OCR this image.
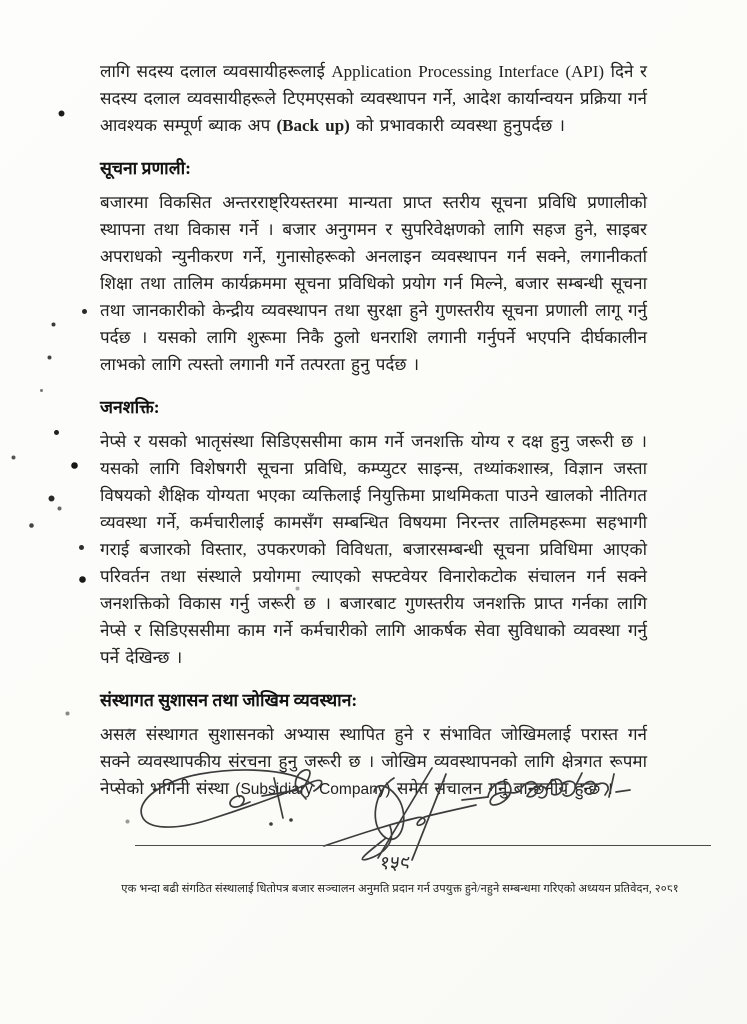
लागि सदस्य दलाल व्यवसायीहरूलाई Application Processing Interface (API) दिने र सदस्य दलाल व्यवसायीहरूले टिएमएसको व्यवस्थापन गर्ने, आदेश कार्यान्वयन प्रक्रिया गर्न आवश्यक सम्पूर्ण ब्याक अप (Back up) को प्रभावकारी व्यवस्था हुनुपर्दछ ।

सूचना प्रणाली:

बजारमा विकसित अन्तरराष्ट्रियस्तरमा मान्यता प्राप्त स्तरीय सूचना प्रविधि प्रणालीको स्थापना तथा विकास गर्ने । बजार अनुगमन र सुपरिवेक्षणको लागि सहज हुने, साइबर अपराधको न्युनीकरण गर्ने, गुनासोहरूको अनलाइन व्यवस्थापन गर्न सक्ने, लगानीकर्ता शिक्षा तथा तालिम कार्यक्रममा सूचना प्रविधिको प्रयोग गर्न मिल्ने, बजार सम्बन्धी सूचना तथा जानकारीको केन्द्रीय व्यवस्थापन तथा सुरक्षा हुने गुणस्तरीय सूचना प्रणाली लागू गर्नु पर्दछ । यसको लागि शुरूमा निकै ठुलो धनराशि लगानी गर्नुपर्ने भएपनि दीर्घकालीन लाभको लागि त्यस्तो लगानी गर्ने तत्परता हुनु पर्दछ ।

जनशक्ति:

नेप्से र यसको भातृसंस्था सिडिएससीमा काम गर्ने जनशक्ति योग्य र दक्ष हुनु जरूरी छ । यसको लागि विशेषगरी सूचना प्रविधि, कम्प्युटर साइन्स, तथ्यांकशास्त्र, विज्ञान जस्ता विषयको शैक्षिक योग्यता भएका व्यक्तिलाई नियुक्तिमा प्राथमिकता पाउने खालको नीतिगत व्यवस्था गर्ने, कर्मचारीलाई कामसँग सम्बन्धित विषयमा निरन्तर तालिमहरूमा सहभागी गराई बजारको विस्तार, उपकरणको विविधता, बजारसम्बन्धी सूचना प्रविधिमा आएको परिवर्तन तथा संस्थाले प्रयोगमा ल्याएको सफ्टवेयर विनारोकटोक संचालन गर्न सक्ने जनशक्तिको विकास गर्नु जरूरी छ । बजारबाट गुणस्तरीय जनशक्ति प्राप्त गर्नका लागि नेप्से र सिडिएससीमा काम गर्ने कर्मचारीको लागि आकर्षक सेवा सुविधाको व्यवस्था गर्नु पर्ने देखिन्छ ।

संस्थागत सुशासन तथा जोखिम व्यवस्थान:

असल संस्थागत सुशासनको अभ्यास स्थापित हुने र संभावित जोखिमलाई परास्त गर्न सक्ने व्यवस्थापकीय संरचना हुनु जरूरी छ । जोखिम व्यवस्थापनको लागि क्षेत्रगत रूपमा नेप्सेको भगिनी संस्था (Subsidiary Company) समेत संचालन गर्नु बान्छनीय हुन्छ ।

१५९
एक भन्दा बढी संगठित संस्थालाई धितोपत्र बजार सञ्चालन अनुमति प्रदान गर्न उपयुक्त हुने/नहुने सम्बन्धमा गरिएको अध्ययन प्रतिवेदन, २०८१
